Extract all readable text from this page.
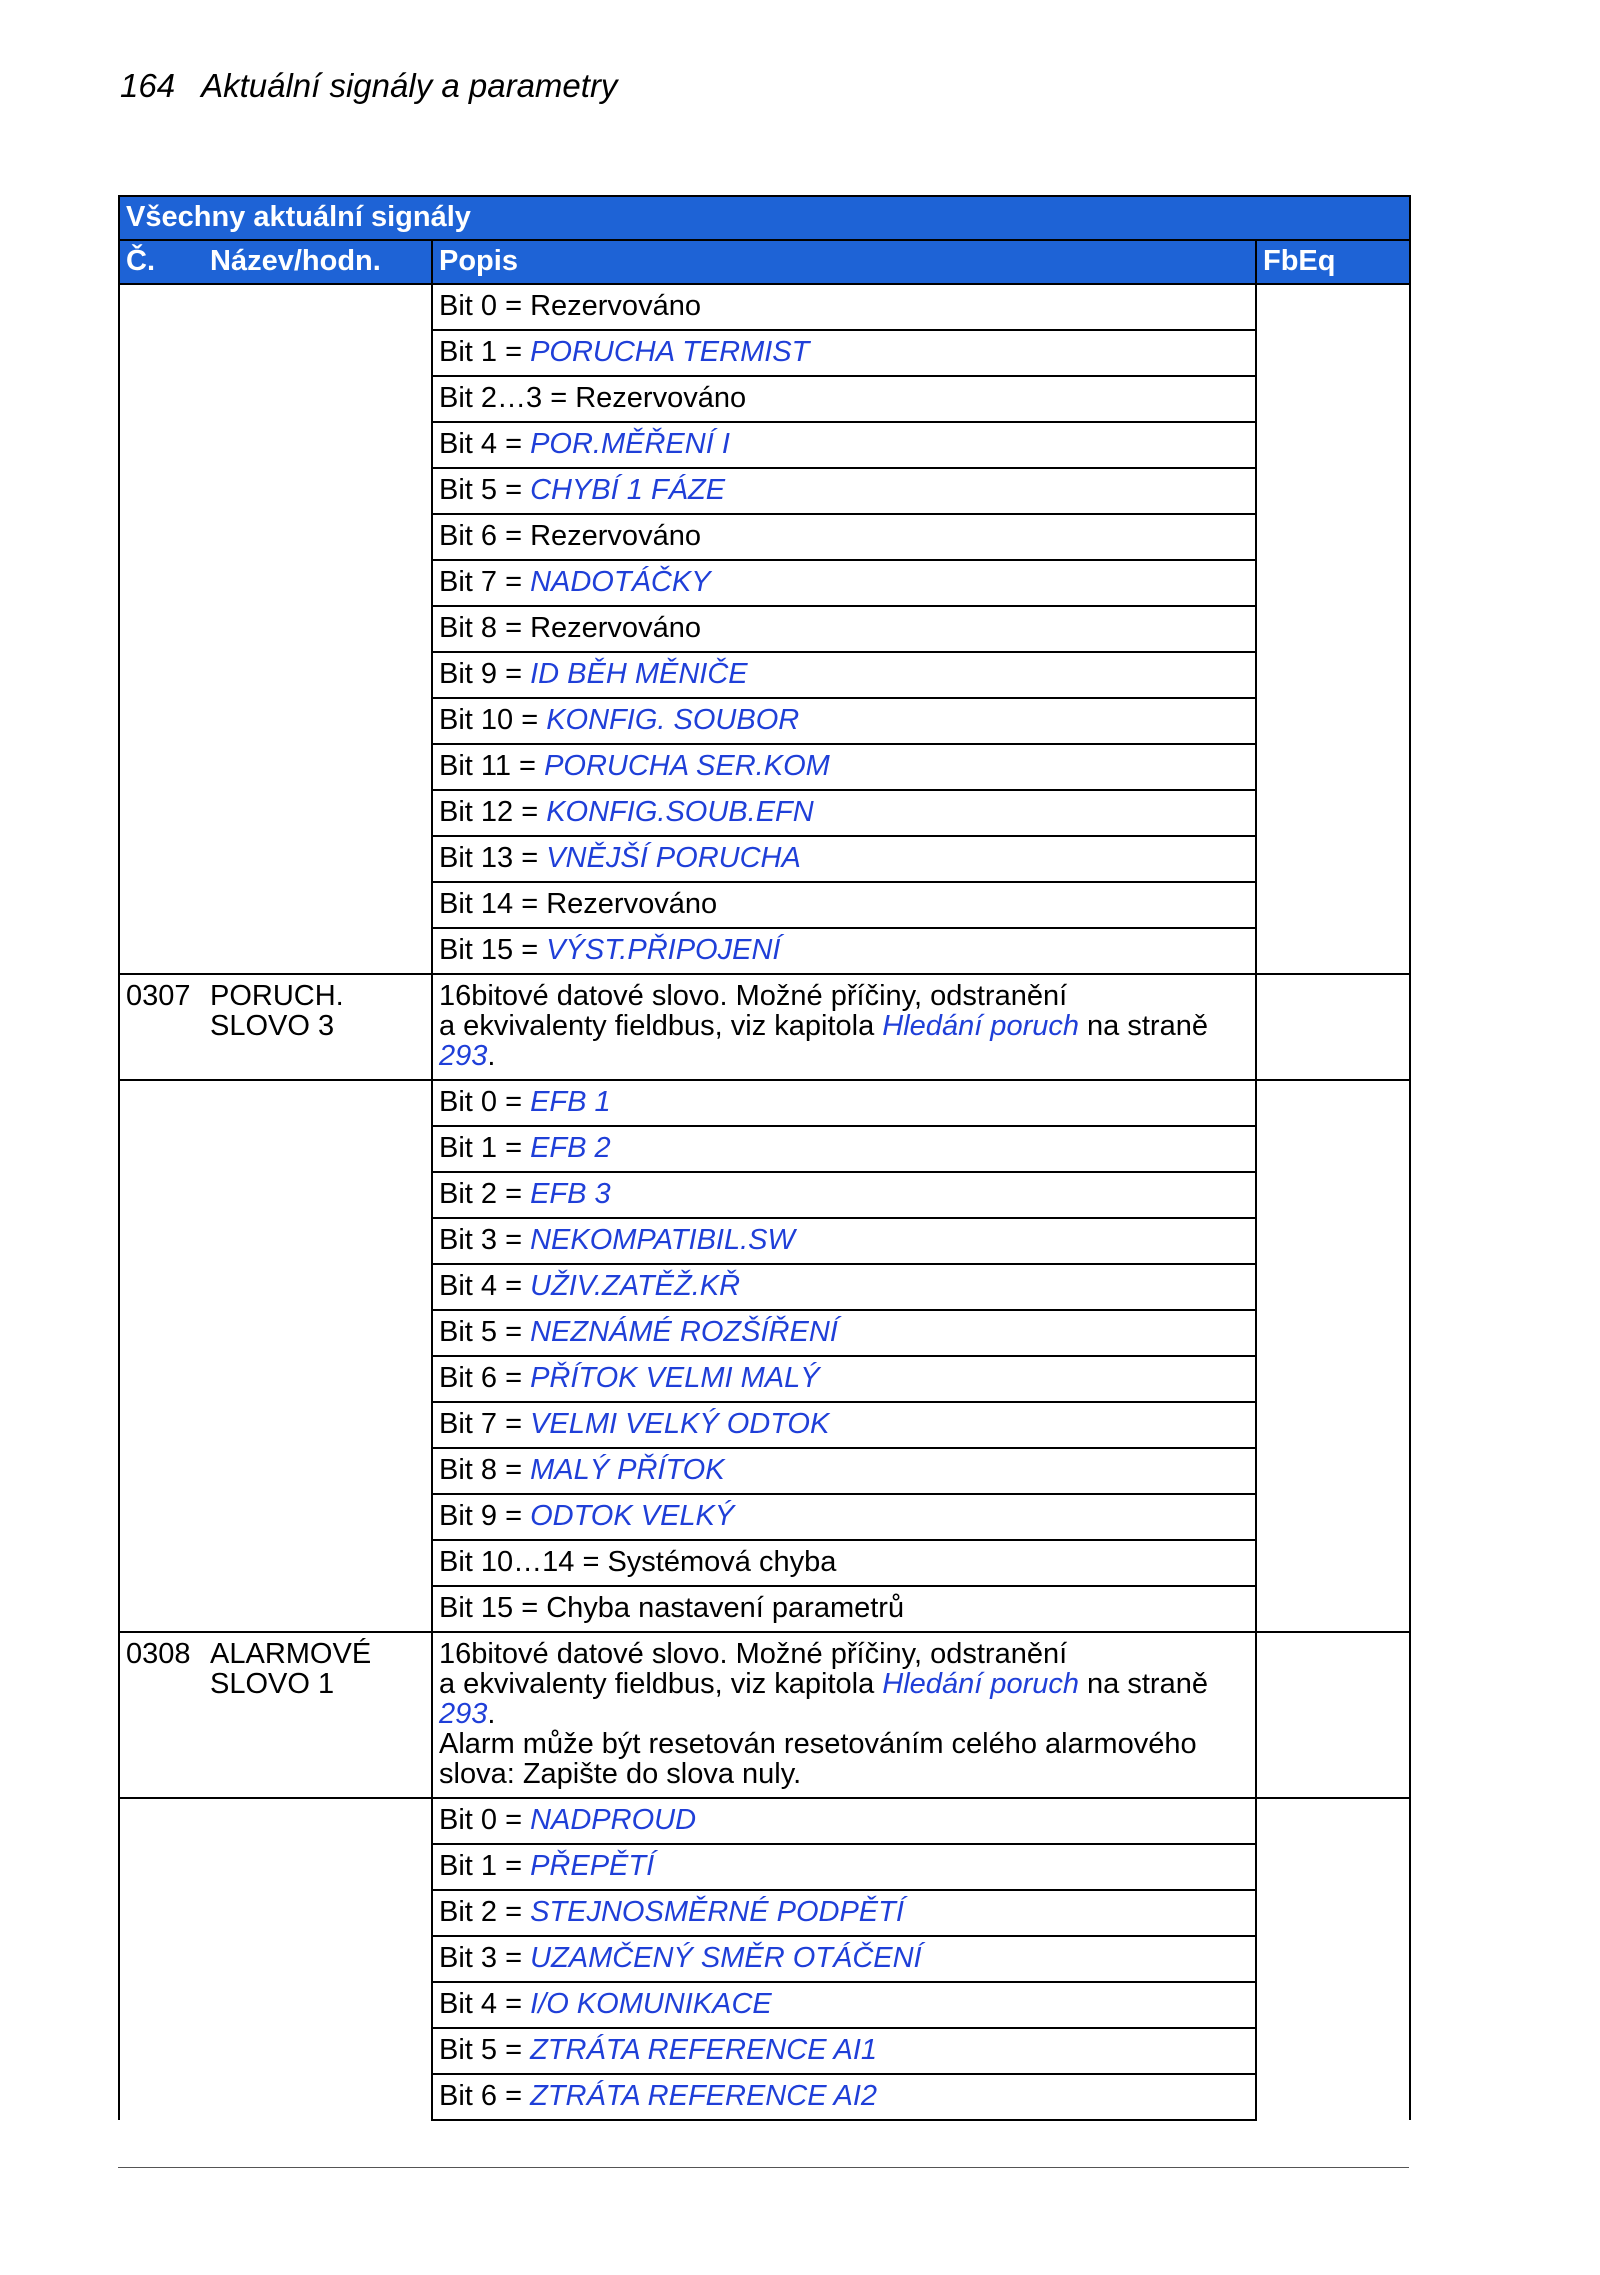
164 Aktuální signály a parametry
Všechny aktuální signály		

Č. Název/hodn.	Popis	FbEq
	Bit 0 = Rezervováno	
	Bit 1 = PORUCHA TERMIST	
	Bit 2…3 = Rezervováno	
	Bit 4 = POR.MĚŘENÍ I	
	Bit 5 = CHYBÍ 1 FÁZE	
	Bit 6 = Rezervováno	
	Bit 7 = NADOTÁČKY	
	Bit 8 = Rezervováno	
	Bit 9 = ID BĚH MĚNIČE	
	Bit 10 = KONFIG. SOUBOR	
	Bit 11 = PORUCHA SER.KOM	
	Bit 12 = KONFIG.SOUB.EFN	
	Bit 13 = VNĚJŠÍ PORUCHA	
	Bit 14 = Rezervováno	
	Bit 15 = VÝST.PŘIPOJENÍ	
0307 PORUCH.
SLOVO 3	16bitové datové slovo. Možné příčiny, odstranění
a ekvivalenty fieldbus, viz kapitola Hledání poruch na straně
293.	
	Bit 0 = EFB 1	
	Bit 1 = EFB 2	
	Bit 2 = EFB 3	
	Bit 3 = NEKOMPATIBIL.SW	
	Bit 4 = UŽIV.ZATĚŽ.KŘ	
	Bit 5 = NEZNÁMÉ ROZŠÍŘENÍ	
	Bit 6 = PŘÍTOK VELMI MALÝ	
	Bit 7 = VELMI VELKÝ ODTOK	
	Bit 8 = MALÝ PŘÍTOK	
	Bit 9 = ODTOK VELKÝ	
	Bit 10…14 = Systémová chyba	
	Bit 15 = Chyba nastavení parametrů	
0308 ALARMOVÉ
SLOVO 1	16bitové datové slovo. Možné příčiny, odstranění
a ekvivalenty fieldbus, viz kapitola Hledání poruch na straně
293.
Alarm může být resetován resetováním celého alarmového
slova: Zapište do slova nuly.	
	Bit 0 = NADPROUD	
	Bit 1 = PŘEPĚTÍ	
	Bit 2 = STEJNOSMĚRNÉ PODPĚTÍ	
	Bit 3 = UZAMČENÝ SMĚR OTÁČENÍ	
	Bit 4 = I/O KOMUNIKACE	
	Bit 5 = ZTRÁTA REFERENCE AI1	
	Bit 6 = ZTRÁTA REFERENCE AI2	
